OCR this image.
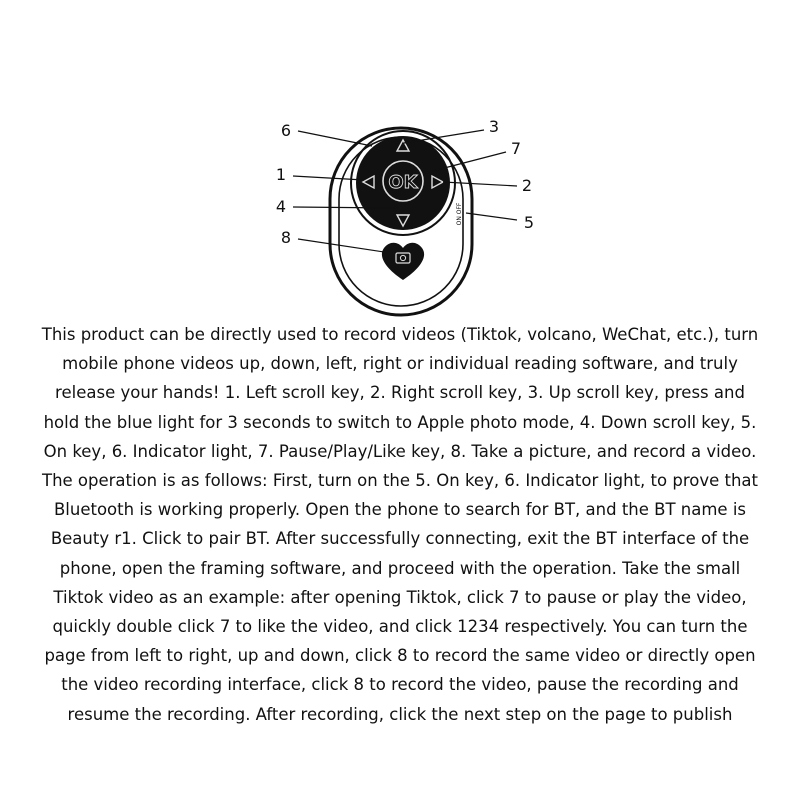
OK
ON OFF
6	3
7
1
2
4
5
8

This product can be directly used to record videos (Tiktok, volcano, WeChat, etc.), turn mobile phone videos up, down, left, right or individual reading software, and truly release your hands! 1. Left scroll key, 2. Right scroll key, 3. Up scroll key, press and hold the blue light for 3 seconds to switch to Apple photo mode, 4. Down scroll key, 5. On key, 6. Indicator light, 7. Pause/Play/Like key, 8. Take a picture, and record a video. The operation is as follows: First, turn on the 5. On key, 6. Indicator light, to prove that Bluetooth is working properly. Open the phone to search for BT, and the BT name is Beauty r1. Click to pair BT. After successfully connecting, exit the BT interface of the phone, open the framing software, and proceed with the operation. Take the small Tiktok video as an example: after opening Tiktok, click 7 to pause or play the video, quickly double click 7 to like the video, and click 1234 respectively. You can turn the page from left to right, up and down, click 8 to record the same video or directly open the video recording interface, click 8 to record the video, pause the recording and resume the recording. After recording, click the next step on the page to publish
